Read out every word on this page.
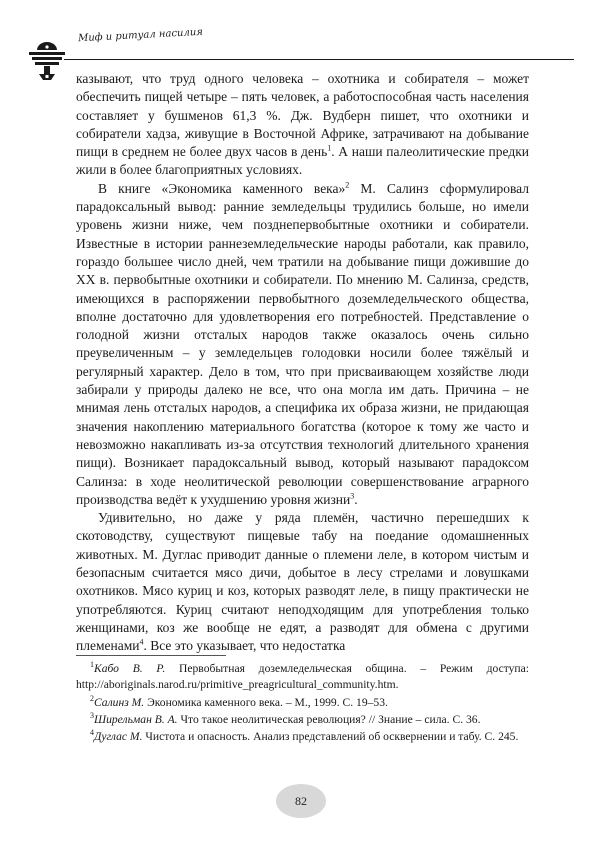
Миф и ритуал насилия

казывают, что труд одного человека – охотника и собирателя – может обеспечить пищей четыре – пять человек, а работоспособная часть населения составляет у бушменов 61,3 %. Дж. Вудберн пишет, что охотники и собиратели хадза, живущие в Восточной Африке, затрачивают на добывание пищи в среднем не более двух часов в день$^1$. А наши палеолитические предки жили в более благоприятных условиях.

В книге «Экономика каменного века»$^2$ М. Салинз сформулировал парадоксальный вывод: ранние земледельцы трудились больше, но имели уровень жизни ниже, чем позднепервобытные охотники и собиратели. Известные в истории раннеземледельческие народы работали, как правило, гораздо большее число дней, чем тратили на добывание пищи дожившие до XX в. первобытные охотники и собиратели. По мнению М. Салинза, средств, имеющихся в распоряжении первобытного доземледельческого общества, вполне достаточно для удовлетворения его потребностей. Представление о голодной жизни отсталых народов также оказалось очень сильно преувеличенным – у земледельцев голодовки носили более тяжёлый и регулярный характер. Дело в том, что при присваивающем хозяйстве люди забирали у природы далеко не все, что она могла им дать. Причина – не мнимая лень отсталых народов, а специфика их образа жизни, не придающая значения накоплению материального богатства (которое к тому же часто и невозможно накапливать из-за отсутствия технологий длительного хранения пищи). Возникает парадоксальный вывод, который называют парадоксом Салинза: в ходе неолитической революции совершенствование аграрного производства ведёт к ухудшению уровня жизни$^3$.

Удивительно, но даже у ряда племён, частично перешедших к скотоводству, существуют пищевые табу на поедание одомашненных животных. М. Дуглас приводит данные о племени леле, в котором чистым и безопасным считается мясо дичи, добытое в лесу стрелами и ловушками охотников. Мясо куриц и коз, которых разводят леле, в пищу практически не употребляются. Куриц считают неподходящим для употребления только женщинами, коз же вообще не едят, а разводят для обмена с другими племенами$^4$. Все это указывает, что недостатка

$^1$Кабо В. Р. Первобытная доземледельческая община. – Режим доступа: http://aboriginals.narod.ru/primitive_preagricultural_community.htm.

$^2$Салинз М. Экономика каменного века. – М., 1999. С. 19–53.

$^3$Ширельман В. А. Что такое неолитическая революция? // Знание – сила. С. 36.

$^4$Дуглас М. Чистота и опасность. Анализ представлений об осквернении и табу. С. 245.

82
